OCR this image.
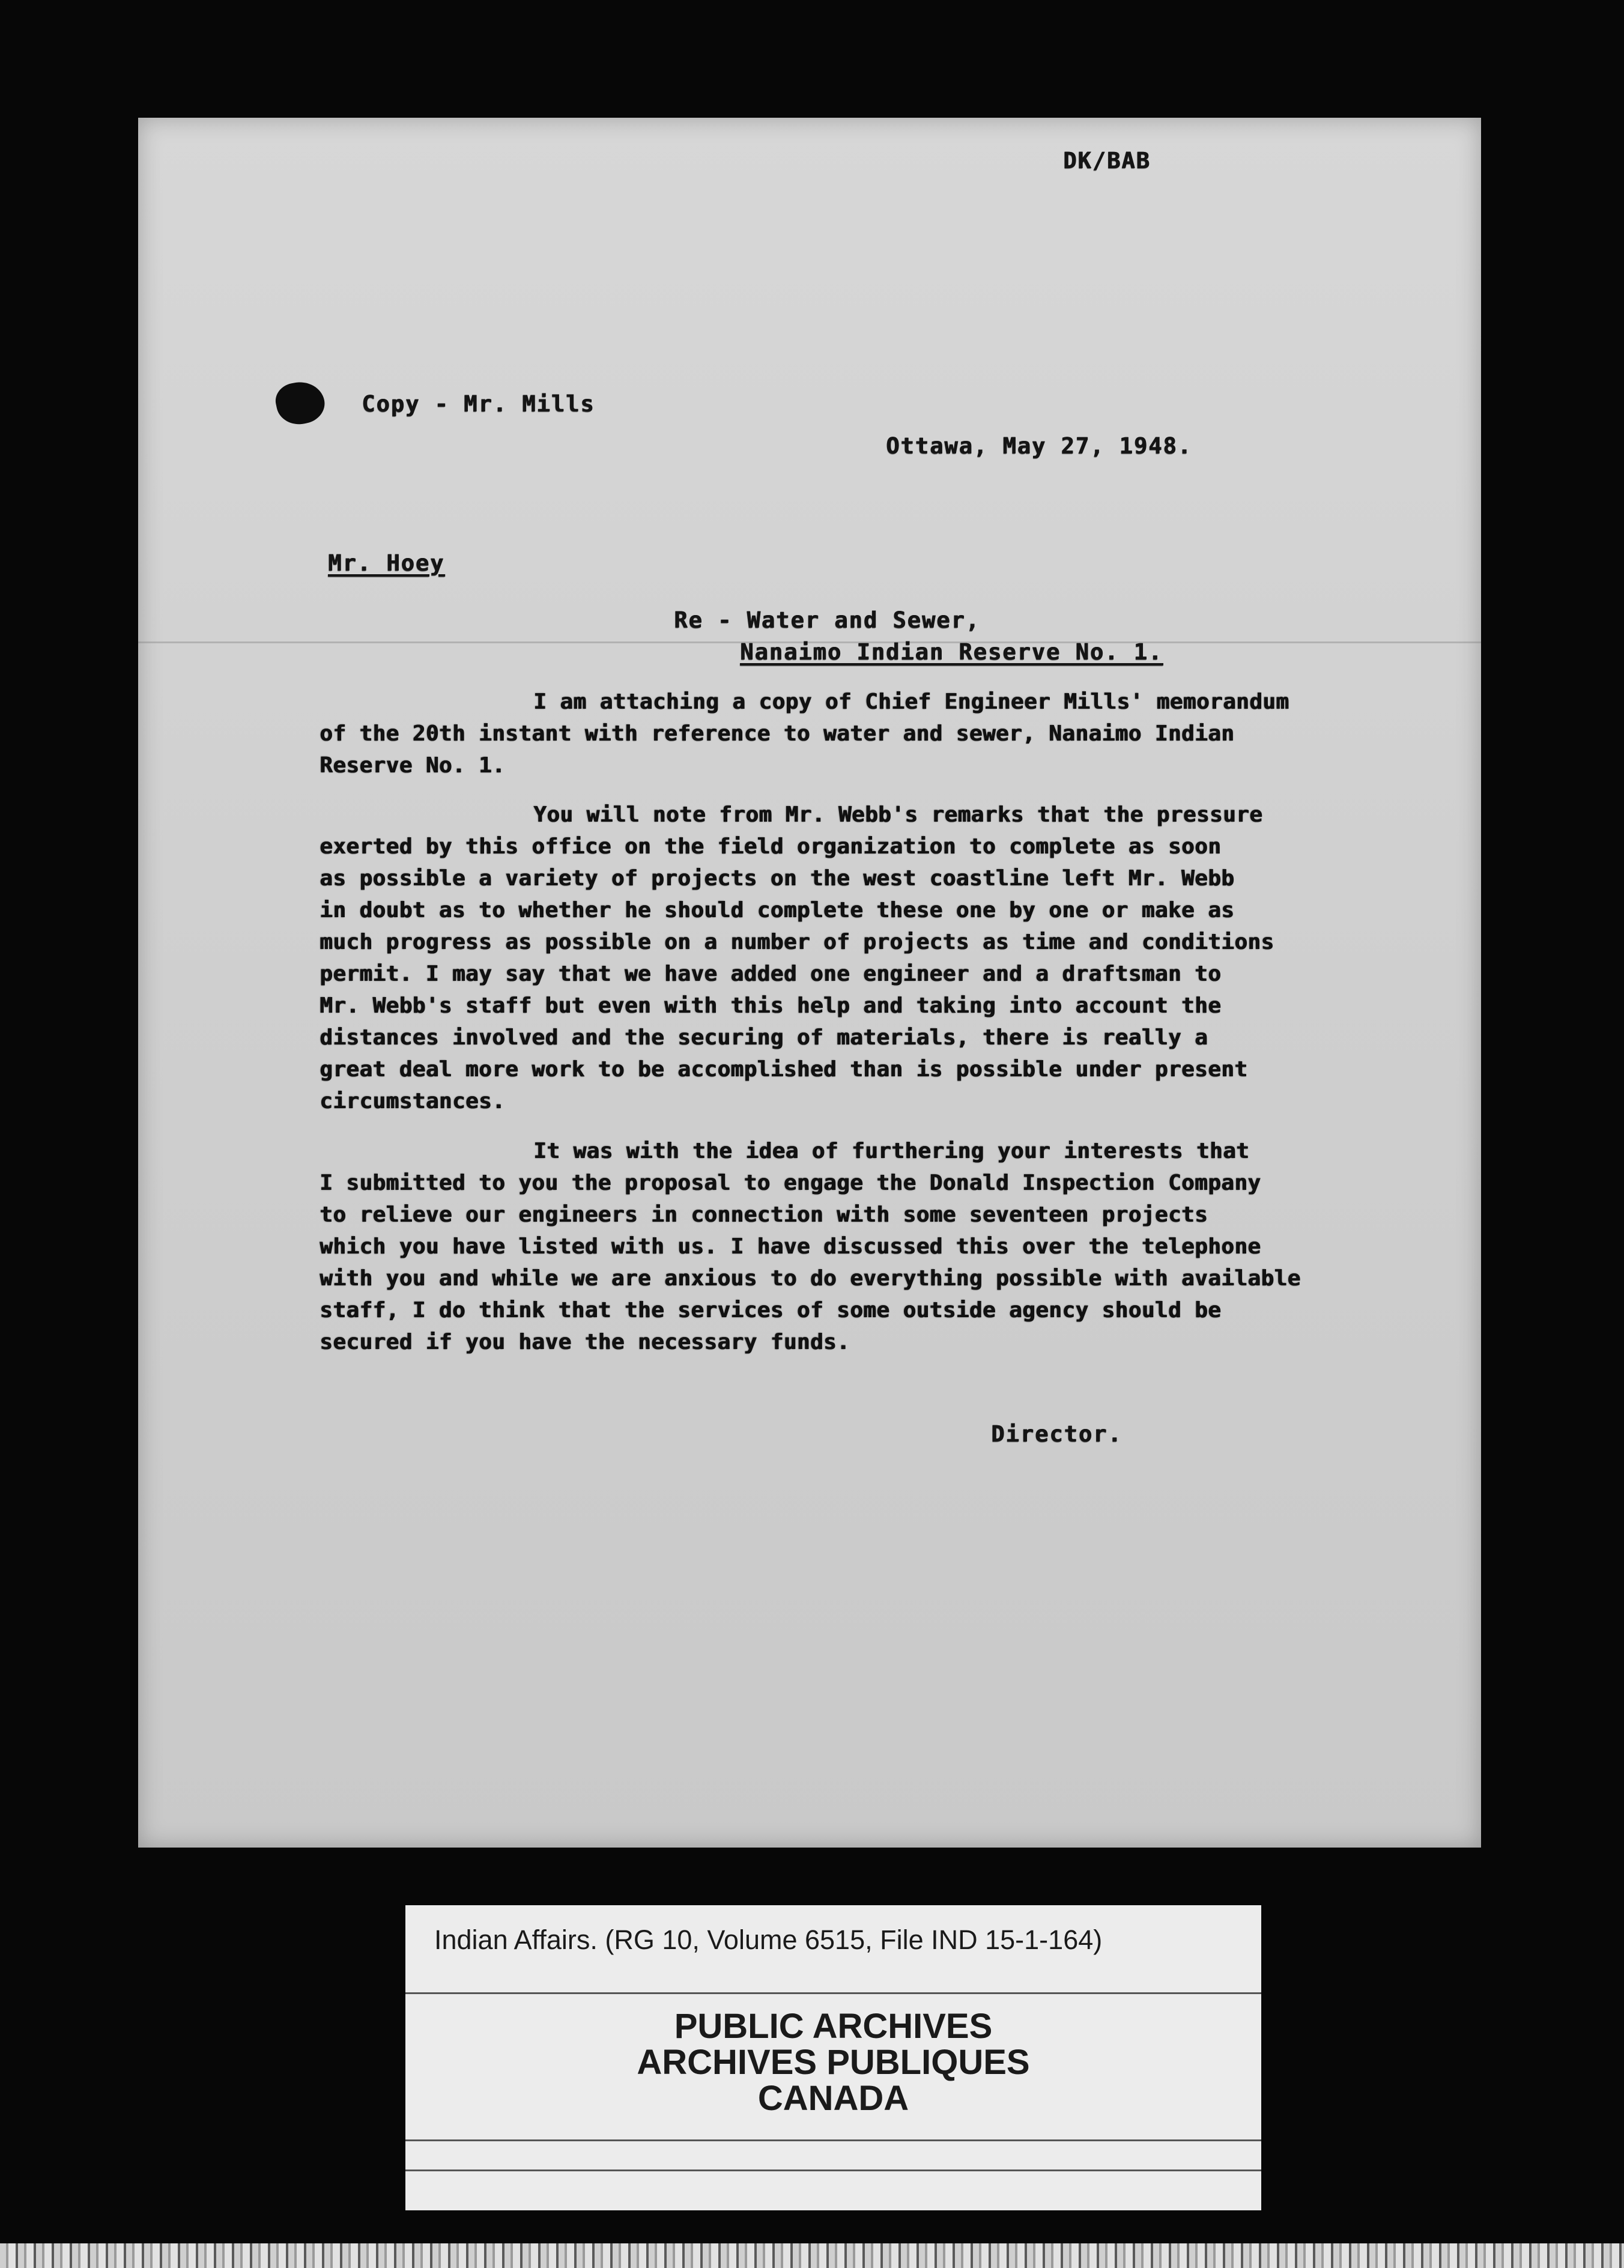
DK/BAB

Copy - Mr. Mills

Ottawa, May 27, 1948.

Mr. Hoey

Re - Water and Sewer,

Nanaimo Indian Reserve No. 1.

I am attaching a copy of Chief Engineer Mills' memorandum

of the 20th instant with reference to water and sewer, Nanaimo Indian

Reserve No. 1.

You will note from Mr. Webb's remarks that the pressure

exerted by this office on the field organization to complete as soon

as possible a variety of projects on the west coastline left Mr. Webb

in doubt as to whether he should complete these one by one or make as

much progress as possible on a number of projects as time and conditions

permit. I may say that we have added one engineer and a draftsman to

Mr. Webb's staff but even with this help and taking into account the

distances involved and the securing of materials, there is really a

great deal more work to be accomplished than is possible under present

circumstances.

It was with the idea of furthering your interests that

I submitted to you the proposal to engage the Donald Inspection Company

to relieve our engineers in connection with some seventeen projects

which you have listed with us. I have discussed this over the telephone

with you and while we are anxious to do everything possible with available

staff, I do think that the services of some outside agency should be

secured if you have the necessary funds.

Director.

Indian Affairs. (RG 10, Volume 6515, File IND 15-1-164)

PUBLIC ARCHIVES

ARCHIVES PUBLIQUES

CANADA
